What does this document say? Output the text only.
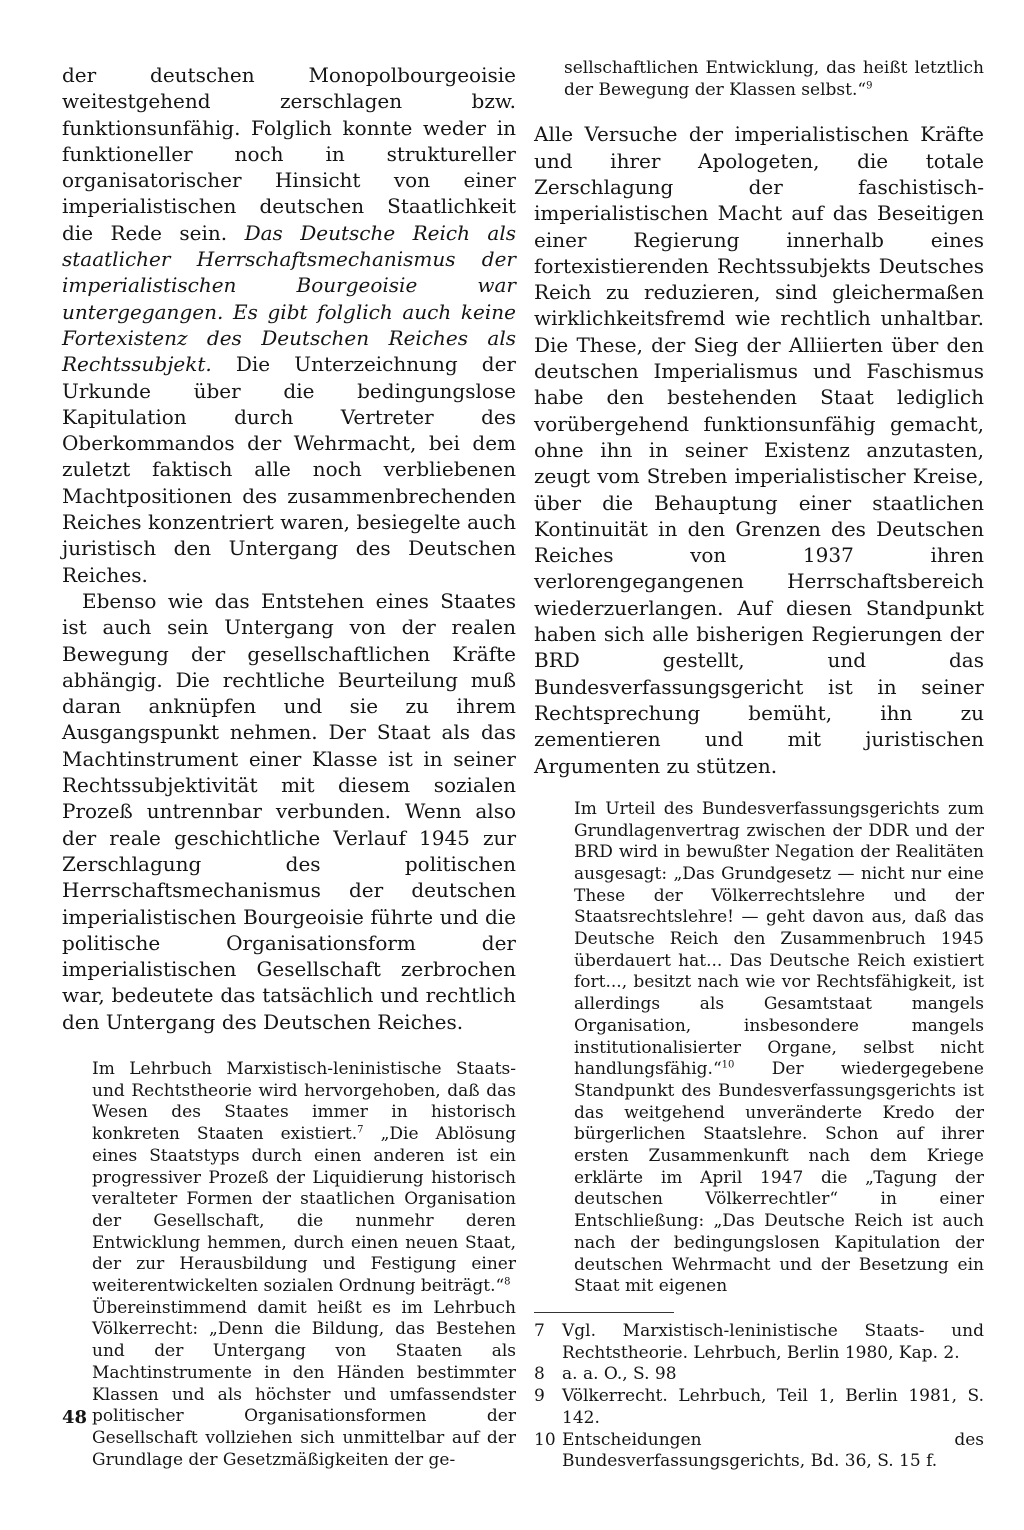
der deutschen Monopolbourgeoisie weitestgehend zerschlagen bzw. funktionsunfähig. Folglich konnte weder in funktioneller noch in struktureller organisatorischer Hinsicht von einer imperialistischen deutschen Staatlichkeit die Rede sein. Das Deutsche Reich als staatlicher Herrschaftsmechanismus der imperialistischen Bourgeoisie war untergegangen. Es gibt folglich auch keine Fortexistenz des Deutschen Reiches als Rechtssubjekt. Die Unterzeichnung der Urkunde über die bedingungslose Kapitulation durch Vertreter des Oberkommandos der Wehrmacht, bei dem zuletzt faktisch alle noch verbliebenen Machtpositionen des zusammenbrechenden Reiches konzentriert waren, besiegelte auch juristisch den Untergang des Deutschen Reiches.

Ebenso wie das Entstehen eines Staates ist auch sein Untergang von der realen Bewegung der gesellschaftlichen Kräfte abhängig. Die rechtliche Beurteilung muß daran anknüpfen und sie zu ihrem Ausgangspunkt nehmen. Der Staat als das Machtinstrument einer Klasse ist in seiner Rechtssubjektivität mit diesem sozialen Prozeß untrennbar verbunden. Wenn also der reale geschichtliche Verlauf 1945 zur Zerschlagung des politischen Herrschaftsmechanismus der deutschen imperialistischen Bourgeoisie führte und die politische Organisationsform der imperialistischen Gesellschaft zerbrochen war, bedeutete das tatsächlich und rechtlich den Untergang des Deutschen Reiches.

Im Lehrbuch Marxistisch-leninistische Staats- und Rechtstheorie wird hervorgehoben, daß das Wesen des Staates immer in historisch konkreten Staaten existiert.$^7$ „Die Ablösung eines Staatstyps durch einen anderen ist ein progressiver Prozeß der Liquidierung historisch veralteter Formen der staatlichen Organisation der Gesellschaft, die nunmehr deren Entwicklung hemmen, durch einen neuen Staat, der zur Herausbildung und Festigung einer weiterentwickelten sozialen Ordnung beiträgt.“$^8$

Übereinstimmend damit heißt es im Lehrbuch Völkerrecht: „Denn die Bildung, das Bestehen und der Untergang von Staaten als Machtinstrumente in den Händen bestimmter Klassen und als höchster und umfassendster politischer Organisationsformen der Gesellschaft vollziehen sich unmittelbar auf der Grundlage der Gesetzmäßigkeiten der ge-

48

sellschaftlichen Entwicklung, das heißt letztlich der Bewegung der Klassen selbst.“$^9$

Alle Versuche der imperialistischen Kräfte und ihrer Apologeten, die totale Zerschlagung der faschistisch-imperialistischen Macht auf das Beseitigen einer Regierung innerhalb eines fortexistierenden Rechtssubjekts Deutsches Reich zu reduzieren, sind gleichermaßen wirklichkeitsfremd wie rechtlich unhaltbar. Die These, der Sieg der Alliierten über den deutschen Imperialismus und Faschismus habe den bestehenden Staat lediglich vorübergehend funktionsunfähig gemacht, ohne ihn in seiner Existenz anzutasten, zeugt vom Streben imperialistischer Kreise, über die Behauptung einer staatlichen Kontinuität in den Grenzen des Deutschen Reiches von 1937 ihren verlorengegangenen Herrschaftsbereich wiederzuerlangen. Auf diesen Standpunkt haben sich alle bisherigen Regierungen der BRD gestellt, und das Bundesverfassungsgericht ist in seiner Rechtsprechung bemüht, ihn zu zementieren und mit juristischen Argumenten zu stützen.

Im Urteil des Bundesverfassungsgerichts zum Grundlagenvertrag zwischen der DDR und der BRD wird in bewußter Negation der Realitäten ausgesagt: „Das Grundgesetz — nicht nur eine These der Völkerrechtslehre und der Staatsrechtslehre! — geht davon aus, daß das Deutsche Reich den Zusammenbruch 1945 überdauert hat... Das Deutsche Reich existiert fort..., besitzt nach wie vor Rechtsfähigkeit, ist allerdings als Gesamtstaat mangels Organisation, insbesondere mangels institutionalisierter Organe, selbst nicht handlungsfähig.“$^{10}$ Der wiedergegebene Standpunkt des Bundesverfassungsgerichts ist das weitgehend unveränderte Kredo der bürgerlichen Staatslehre. Schon auf ihrer ersten Zusammenkunft nach dem Kriege erklärte im April 1947 die „Tagung der deutschen Völkerrechtler“ in einer Entschließung: „Das Deutsche Reich ist auch nach der bedingungslosen Kapitulation der deutschen Wehrmacht und der Besetzung ein Staat mit eigenen

7 Vgl. Marxistisch-leninistische Staats- und Rechtstheorie. Lehrbuch, Berlin 1980, Kap. 2.

8 a. a. O., S. 98

9 Völkerrecht. Lehrbuch, Teil 1, Berlin 1981, S. 142.

10 Entscheidungen des Bundesverfassungsgerichts, Bd. 36, S. 15 f.
